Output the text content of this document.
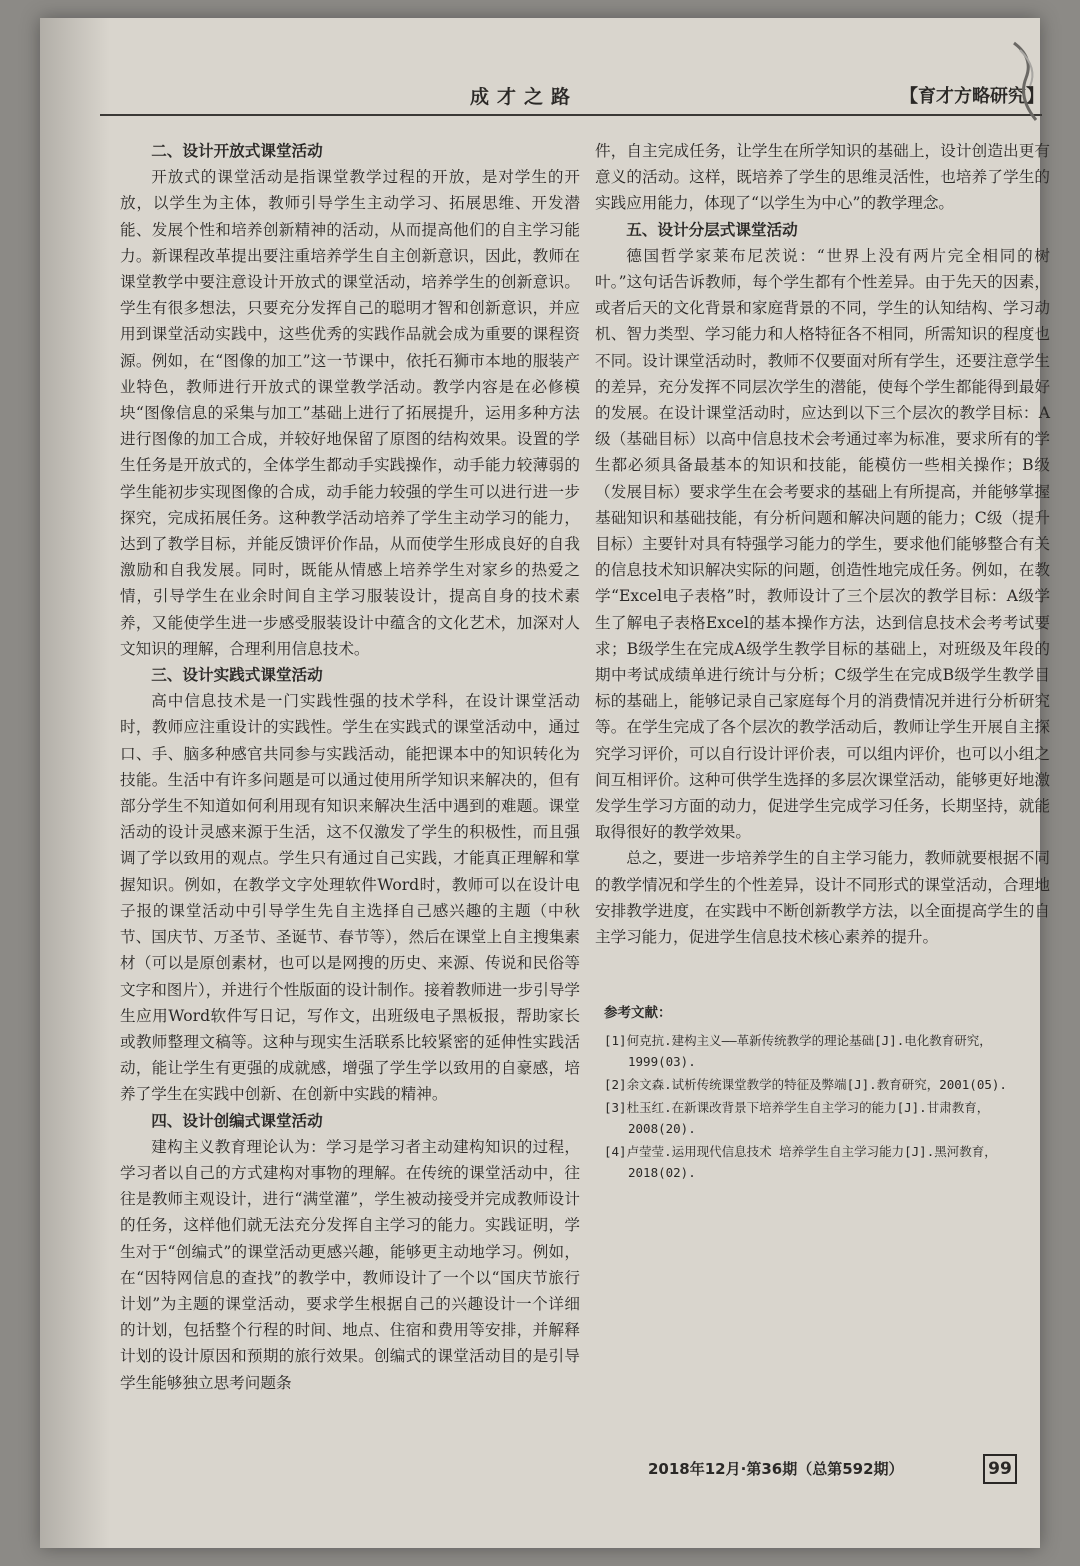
成才之路	【育才方略研究】
二、设计开放式课堂活动

开放式的课堂活动是指课堂教学过程的开放，是对学生的开放，以学生为主体，教师引导学生主动学习、拓展思维、开发潜能、发展个性和培养创新精神的活动，从而提高他们的自主学习能力。新课程改革提出要注重培养学生自主创新意识，因此，教师在课堂教学中要注意设计开放式的课堂活动，培养学生的创新意识。学生有很多想法，只要充分发挥自己的聪明才智和创新意识，并应用到课堂活动实践中，这些优秀的实践作品就会成为重要的课程资源。例如，在“图像的加工”这一节课中，依托石狮市本地的服装产业特色，教师进行开放式的课堂教学活动。教学内容是在必修模块“图像信息的采集与加工”基础上进行了拓展提升，运用多种方法进行图像的加工合成，并较好地保留了原图的结构效果。设置的学生任务是开放式的，全体学生都动手实践操作，动手能力较薄弱的学生能初步实现图像的合成，动手能力较强的学生可以进行进一步探究，完成拓展任务。这种教学活动培养了学生主动学习的能力，达到了教学目标，并能反馈评价作品，从而使学生形成良好的自我激励和自我发展。同时，既能从情感上培养学生对家乡的热爱之情，引导学生在业余时间自主学习服装设计，提高自身的技术素养，又能使学生进一步感受服装设计中蕴含的文化艺术，加深对人文知识的理解，合理利用信息技术。

三、设计实践式课堂活动

高中信息技术是一门实践性强的技术学科，在设计课堂活动时，教师应注重设计的实践性。学生在实践式的课堂活动中，通过口、手、脑多种感官共同参与实践活动，能把课本中的知识转化为技能。生活中有许多问题是可以通过使用所学知识来解决的，但有部分学生不知道如何利用现有知识来解决生活中遇到的难题。课堂活动的设计灵感来源于生活，这不仅激发了学生的积极性，而且强调了学以致用的观点。学生只有通过自己实践，才能真正理解和掌握知识。例如，在教学文字处理软件Word时，教师可以在设计电子报的课堂活动中引导学生先自主选择自己感兴趣的主题（中秋节、国庆节、万圣节、圣诞节、春节等），然后在课堂上自主搜集素材（可以是原创素材，也可以是网搜的历史、来源、传说和民俗等文字和图片），并进行个性版面的设计制作。接着教师进一步引导学生应用Word软件写日记，写作文，出班级电子黑板报，帮助家长或教师整理文稿等。这种与现实生活联系比较紧密的延伸性实践活动，能让学生有更强的成就感，增强了学生学以致用的自豪感，培养了学生在实践中创新、在创新中实践的精神。

四、设计创编式课堂活动

建构主义教育理论认为：学习是学习者主动建构知识的过程，学习者以自己的方式建构对事物的理解。在传统的课堂活动中，往往是教师主观设计，进行“满堂灌”，学生被动接受并完成教师设计的任务，这样他们就无法充分发挥自主学习的能力。实践证明，学生对于“创编式”的课堂活动更感兴趣，能够更主动地学习。例如，在“因特网信息的查找”的教学中，教师设计了一个以“国庆节旅行计划”为主题的课堂活动，要求学生根据自己的兴趣设计一个详细的计划，包括整个行程的时间、地点、住宿和费用等安排，并解释计划的设计原因和预期的旅行效果。创编式的课堂活动目的是引导学生能够独立思考问题条

件，自主完成任务，让学生在所学知识的基础上，设计创造出更有意义的活动。这样，既培养了学生的思维灵活性，也培养了学生的实践应用能力，体现了“以学生为中心”的教学理念。

五、设计分层式课堂活动

德国哲学家莱布尼茨说：“世界上没有两片完全相同的树叶。”这句话告诉教师，每个学生都有个性差异。由于先天的因素，或者后天的文化背景和家庭背景的不同，学生的认知结构、学习动机、智力类型、学习能力和人格特征各不相同，所需知识的程度也不同。设计课堂活动时，教师不仅要面对所有学生，还要注意学生的差异，充分发挥不同层次学生的潜能，使每个学生都能得到最好的发展。在设计课堂活动时，应达到以下三个层次的教学目标：A级（基础目标）以高中信息技术会考通过率为标准，要求所有的学生都必须具备最基本的知识和技能，能模仿一些相关操作；B级（发展目标）要求学生在会考要求的基础上有所提高，并能够掌握基础知识和基础技能，有分析问题和解决问题的能力；C级（提升目标）主要针对具有特强学习能力的学生，要求他们能够整合有关的信息技术知识解决实际的问题，创造性地完成任务。例如，在教学“Excel电子表格”时，教师设计了三个层次的教学目标：A级学生了解电子表格Excel的基本操作方法，达到信息技术会考考试要求；B级学生在完成A级学生教学目标的基础上，对班级及年段的期中考试成绩单进行统计与分析；C级学生在完成B级学生教学目标的基础上，能够记录自己家庭每个月的消费情况并进行分析研究等。在学生完成了各个层次的教学活动后，教师让学生开展自主探究学习评价，可以自行设计评价表，可以组内评价，也可以小组之间互相评价。这种可供学生选择的多层次课堂活动，能够更好地激发学生学习方面的动力，促进学生完成学习任务，长期坚持，就能取得很好的教学效果。

总之，要进一步培养学生的自主学习能力，教师就要根据不同的教学情况和学生的个性差异，设计不同形式的课堂活动，合理地安排教学进度，在实践中不断创新教学方法，以全面提高学生的自主学习能力，促进学生信息技术核心素养的提升。

参考文献：
[1]何克抗.建构主义——革新传统教学的理论基础[J].电化教育研究，1999(03).
[2]余文森.试析传统课堂教学的特征及弊端[J].教育研究，2001(05).
[3]杜玉红.在新课改背景下培养学生自主学习的能力[J].甘肃教育，2008(20).
[4]卢莹莹.运用现代信息技术 培养学生自主学习能力[J].黑河教育，2018(02).
2018年12月·第36期（总第592期）	99
